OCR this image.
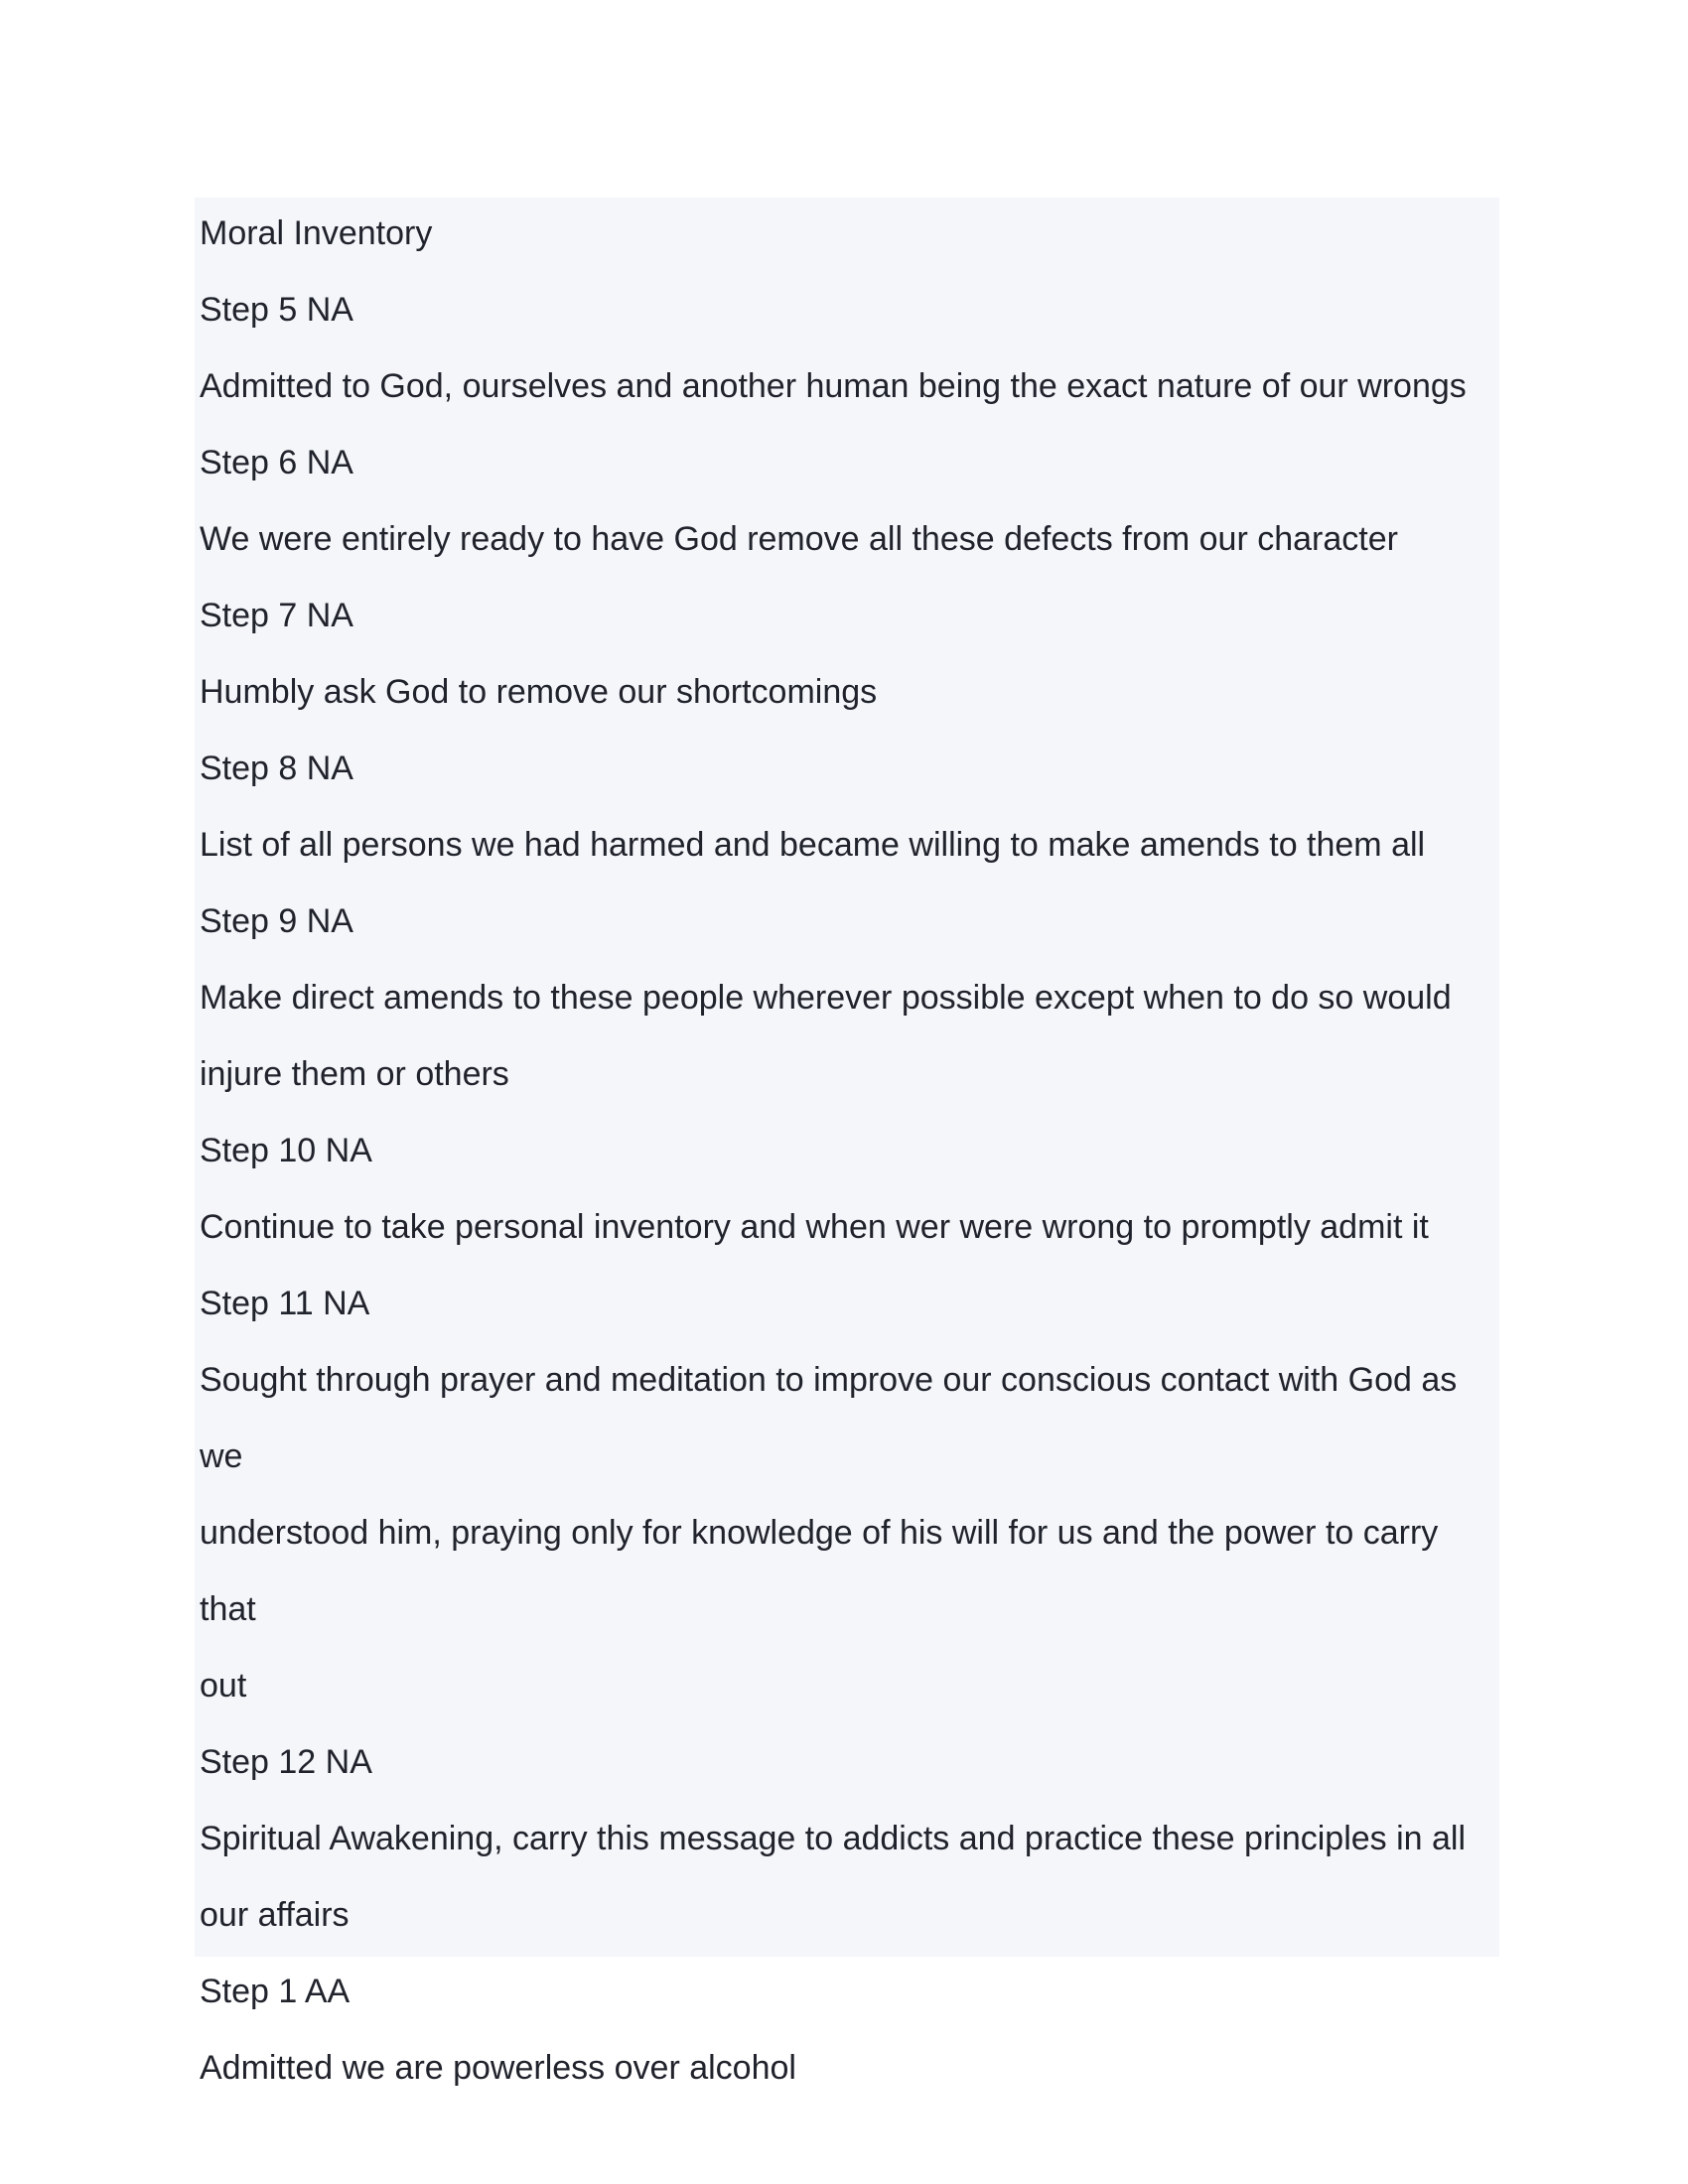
Moral Inventory

Step 5 NA

Admitted to God, ourselves and another human being the exact nature of our wrongs

Step 6 NA

We were entirely ready to have God remove all these defects from our character

Step 7 NA

Humbly ask God to remove our shortcomings

Step 8 NA

List of all persons we had harmed and became willing to make amends to them all

Step 9 NA

Make direct amends to these people wherever possible except when to do so would

injure them or others

Step 10 NA

Continue to take personal inventory and when wer were wrong to promptly admit it

Step 11 NA

Sought through prayer and meditation to improve our conscious contact with God as we

understood him, praying only for knowledge of his will for us and the power to carry that

out

Step 12 NA

Spiritual Awakening, carry this message to addicts and practice these principles in all

our affairs

Step 1 AA

Admitted we are powerless over alcohol
